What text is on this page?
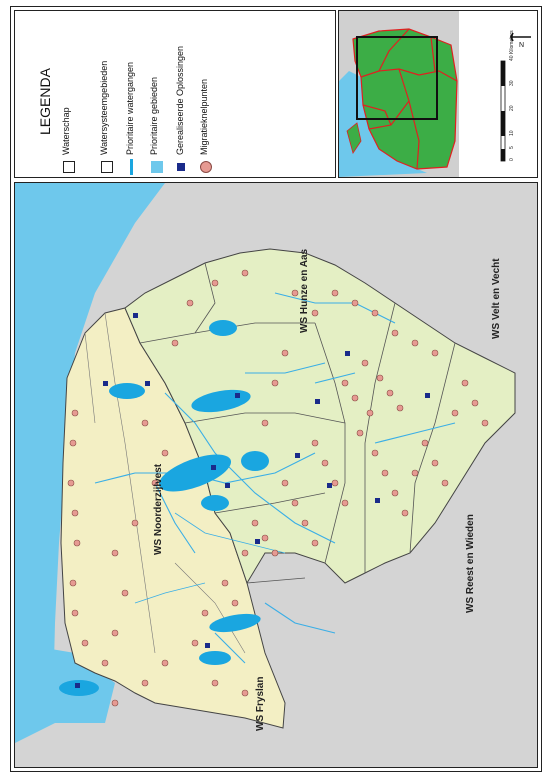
LEGENDA Waterschap	Watersysteemgebieden Prioritaire watergangen Prioritaire gebieden Gerealiseerde Oplossingen Migratieknelpunten
0
5
10
20
30
40 Kilometers N
WS Noorderzijlvest
WS Hunze en Aas	WS Velt en Vecht
WS Reest en Wieden
WS Fryslan
